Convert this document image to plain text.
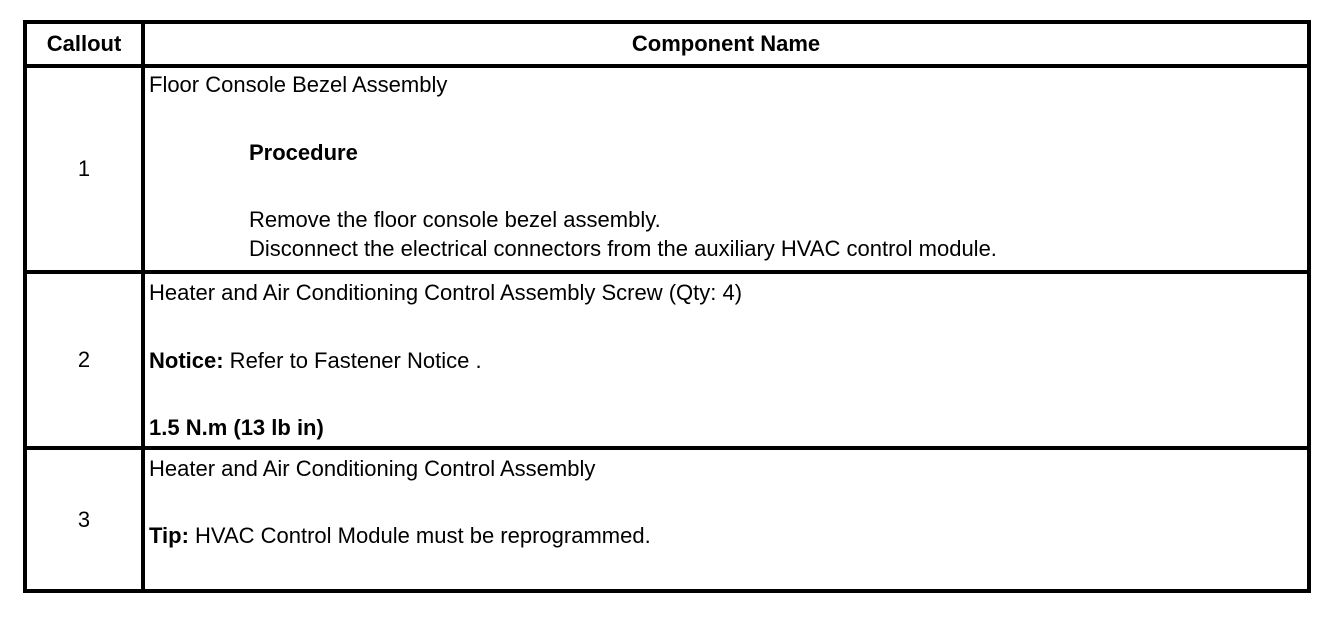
Callout	Component Name
1	Floor Console Bezel Assembly
Procedure
Remove the floor console bezel assembly.
Disconnect the electrical connectors from the auxiliary HVAC control module.

2	Heater and Air Conditioning Control Assembly Screw (Qty: 4)
Notice: Refer to Fastener Notice .
1.5 N.m (13 lb in)

3	Heater and Air Conditioning Control Assembly
Tip: HVAC Control Module must be reprogrammed.
